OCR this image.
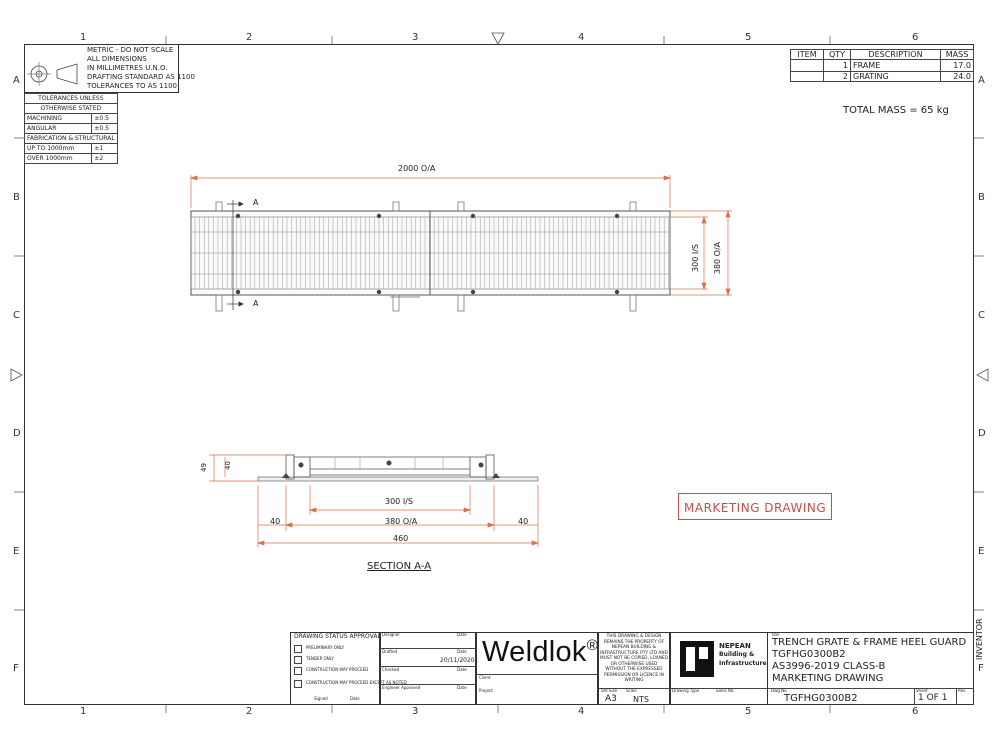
1	2	3	4	5	6
1	2	3	4	5	6
A
B
C
D
E
F
A
B
C
D
E
F
METRIC - DO NOT SCALE
ALL DIMENSIONS
IN MILLIMETRES U.N.O.
DRAFTING STANDARD AS 1100
TOLERANCES TO AS 1100
TOLERANCES UNLESS	
OTHERWISE STATED	
MACHINING	±0.5
ANGULAR	±0.5
FABRICATION & STRUCTURAL	
UP TO 1000mm	±1
OVER 1000mm	±2
ITEM	QTY	DESCRIPTION	MASS
	1	FRAME	17.0
	2	GRATING	24.0
TOTAL MASS = 65 kg
2000 O/A
A
A
300 I/S 380 O/A
49 40
300 I/S
380 O/A
40	40
460
SECTION A-A
MARKETING DRAWING
DRAWING STATUS APPROVAL
PRELIMINARY ONLY
TENDER ONLY
CONSTRUCTION MAY PROCEED
CONSTRUCTION MAY PROCEED EXCEPT AS NOTED
Signed	Date
Designer	Date
Drafted	Date
20/11/2020
Checked	Date
Engineer Approved	Date
Weldlok®
Client
Project
THIS DRAWING & DESIGN REMAINS THE PROPERTY OF NEPEAN BUILDING & INFRASTRUCTURE PTY LTD AND MUST NOT BE COPIED, LOANED OR OTHERWISE USED WITHOUT THE EXPRESSED PERMISSION OR LICENCE IN WRITING
Sht Size
A3
Scale
NTS
NEPEAN
Building &
Infrastructure
Drawing Type	Sales No.
Title
TRENCH GRATE & FRAME HEEL GUARD
TGFHG0300B2
AS3996-2019 CLASS-B
MARKETING DRAWING
Dwg No.
TGFHG0300B2
Sheet
1 OF 1
Rev
INVENTOR
